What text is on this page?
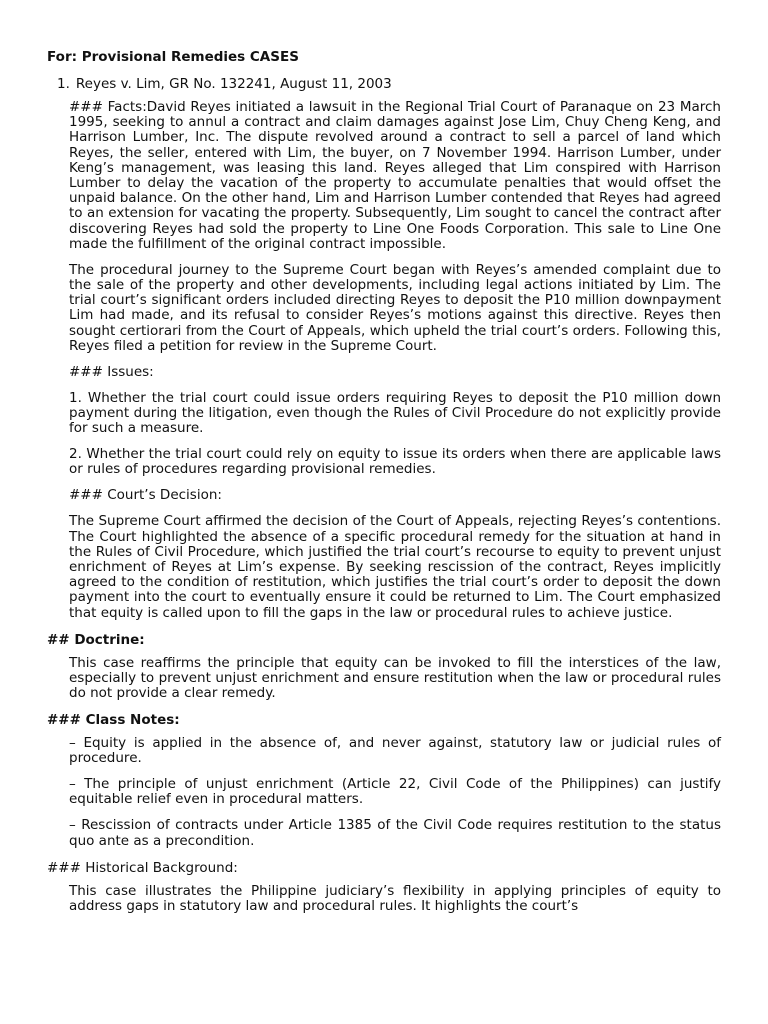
For: Provisional Remedies CASES
1. Reyes v. Lim, GR No. 132241, August 11, 2003

### Facts:David Reyes initiated a lawsuit in the Regional Trial Court of Paranaque on 23 March 1995, seeking to annul a contract and claim damages against Jose Lim, Chuy Cheng Keng, and Harrison Lumber, Inc. The dispute revolved around a contract to sell a parcel of land which Reyes, the seller, entered with Lim, the buyer, on 7 November 1994. Harrison Lumber, under Keng’s management, was leasing this land. Reyes alleged that Lim conspired with Harrison Lumber to delay the vacation of the property to accumulate penalties that would offset the unpaid balance. On the other hand, Lim and Harrison Lumber contended that Reyes had agreed to an extension for vacating the property. Subsequently, Lim sought to cancel the contract after discovering Reyes had sold the property to Line One Foods Corporation. This sale to Line One made the fulfillment of the original contract impossible.

The procedural journey to the Supreme Court began with Reyes’s amended complaint due to the sale of the property and other developments, including legal actions initiated by Lim. The trial court’s significant orders included directing Reyes to deposit the P10 million downpayment Lim had made, and its refusal to consider Reyes’s motions against this directive. Reyes then sought certiorari from the Court of Appeals, which upheld the trial court’s orders. Following this, Reyes filed a petition for review in the Supreme Court.

### Issues:

1. Whether the trial court could issue orders requiring Reyes to deposit the P10 million down payment during the litigation, even though the Rules of Civil Procedure do not explicitly provide for such a measure.

2. Whether the trial court could rely on equity to issue its orders when there are applicable laws or rules of procedures regarding provisional remedies.

### Court’s Decision:

The Supreme Court affirmed the decision of the Court of Appeals, rejecting Reyes’s contentions. The Court highlighted the absence of a specific procedural remedy for the situation at hand in the Rules of Civil Procedure, which justified the trial court’s recourse to equity to prevent unjust enrichment of Reyes at Lim’s expense. By seeking rescission of the contract, Reyes implicitly agreed to the condition of restitution, which justifies the trial court’s order to deposit the down payment into the court to eventually ensure it could be returned to Lim. The Court emphasized that equity is called upon to fill the gaps in the law or procedural rules to achieve justice.

## Doctrine:

This case reaffirms the principle that equity can be invoked to fill the interstices of the law, especially to prevent unjust enrichment and ensure restitution when the law or procedural rules do not provide a clear remedy.

### Class Notes:

– Equity is applied in the absence of, and never against, statutory law or judicial rules of procedure.

– The principle of unjust enrichment (Article 22, Civil Code of the Philippines) can justify equitable relief even in procedural matters.

– Rescission of contracts under Article 1385 of the Civil Code requires restitution to the status quo ante as a precondition.

### Historical Background:

This case illustrates the Philippine judiciary’s flexibility in applying principles of equity to address gaps in statutory law and procedural rules. It highlights the court’s
